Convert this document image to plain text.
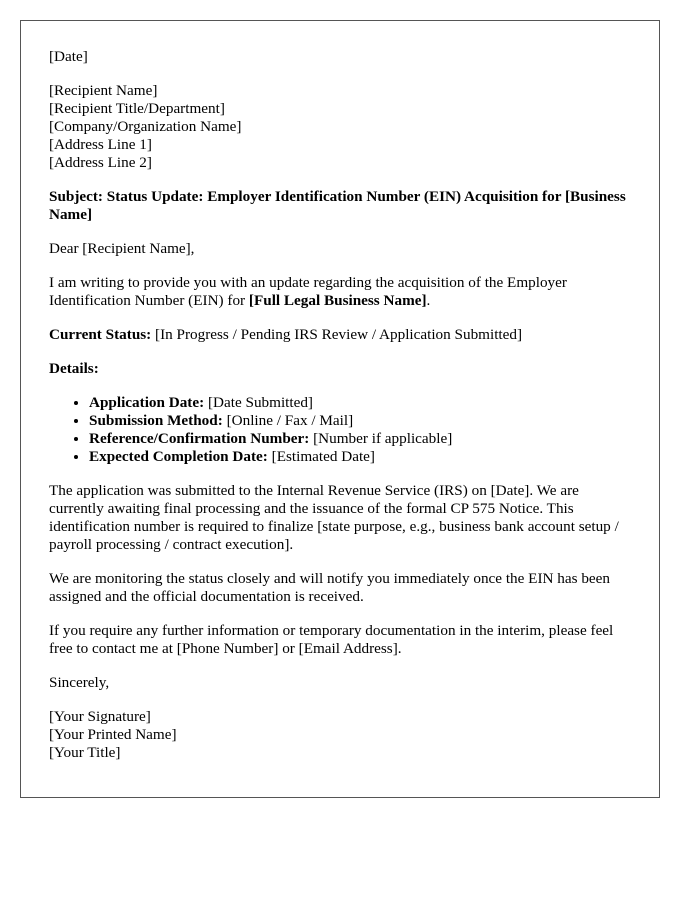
[Date]

[Recipient Name]
[Recipient Title/Department]
[Company/Organization Name]
[Address Line 1]
[Address Line 2]

Subject: Status Update: Employer Identification Number (EIN) Acquisition for [Business Name]

Dear [Recipient Name],

I am writing to provide you with an update regarding the acquisition of the Employer Identification Number (EIN) for [Full Legal Business Name].

Current Status: [In Progress / Pending IRS Review / Application Submitted]

Details:

• Application Date: [Date Submitted]
• Submission Method: [Online / Fax / Mail]
• Reference/Confirmation Number: [Number if applicable]
• Expected Completion Date: [Estimated Date]

The application was submitted to the Internal Revenue Service (IRS) on [Date]. We are currently awaiting final processing and the issuance of the formal CP 575 Notice. This identification number is required to finalize [state purpose, e.g., business bank account setup / payroll processing / contract execution].

We are monitoring the status closely and will notify you immediately once the EIN has been assigned and the official documentation is received.

If you require any further information or temporary documentation in the interim, please feel free to contact me at [Phone Number] or [Email Address].

Sincerely,

[Your Signature]
[Your Printed Name]
[Your Title]
